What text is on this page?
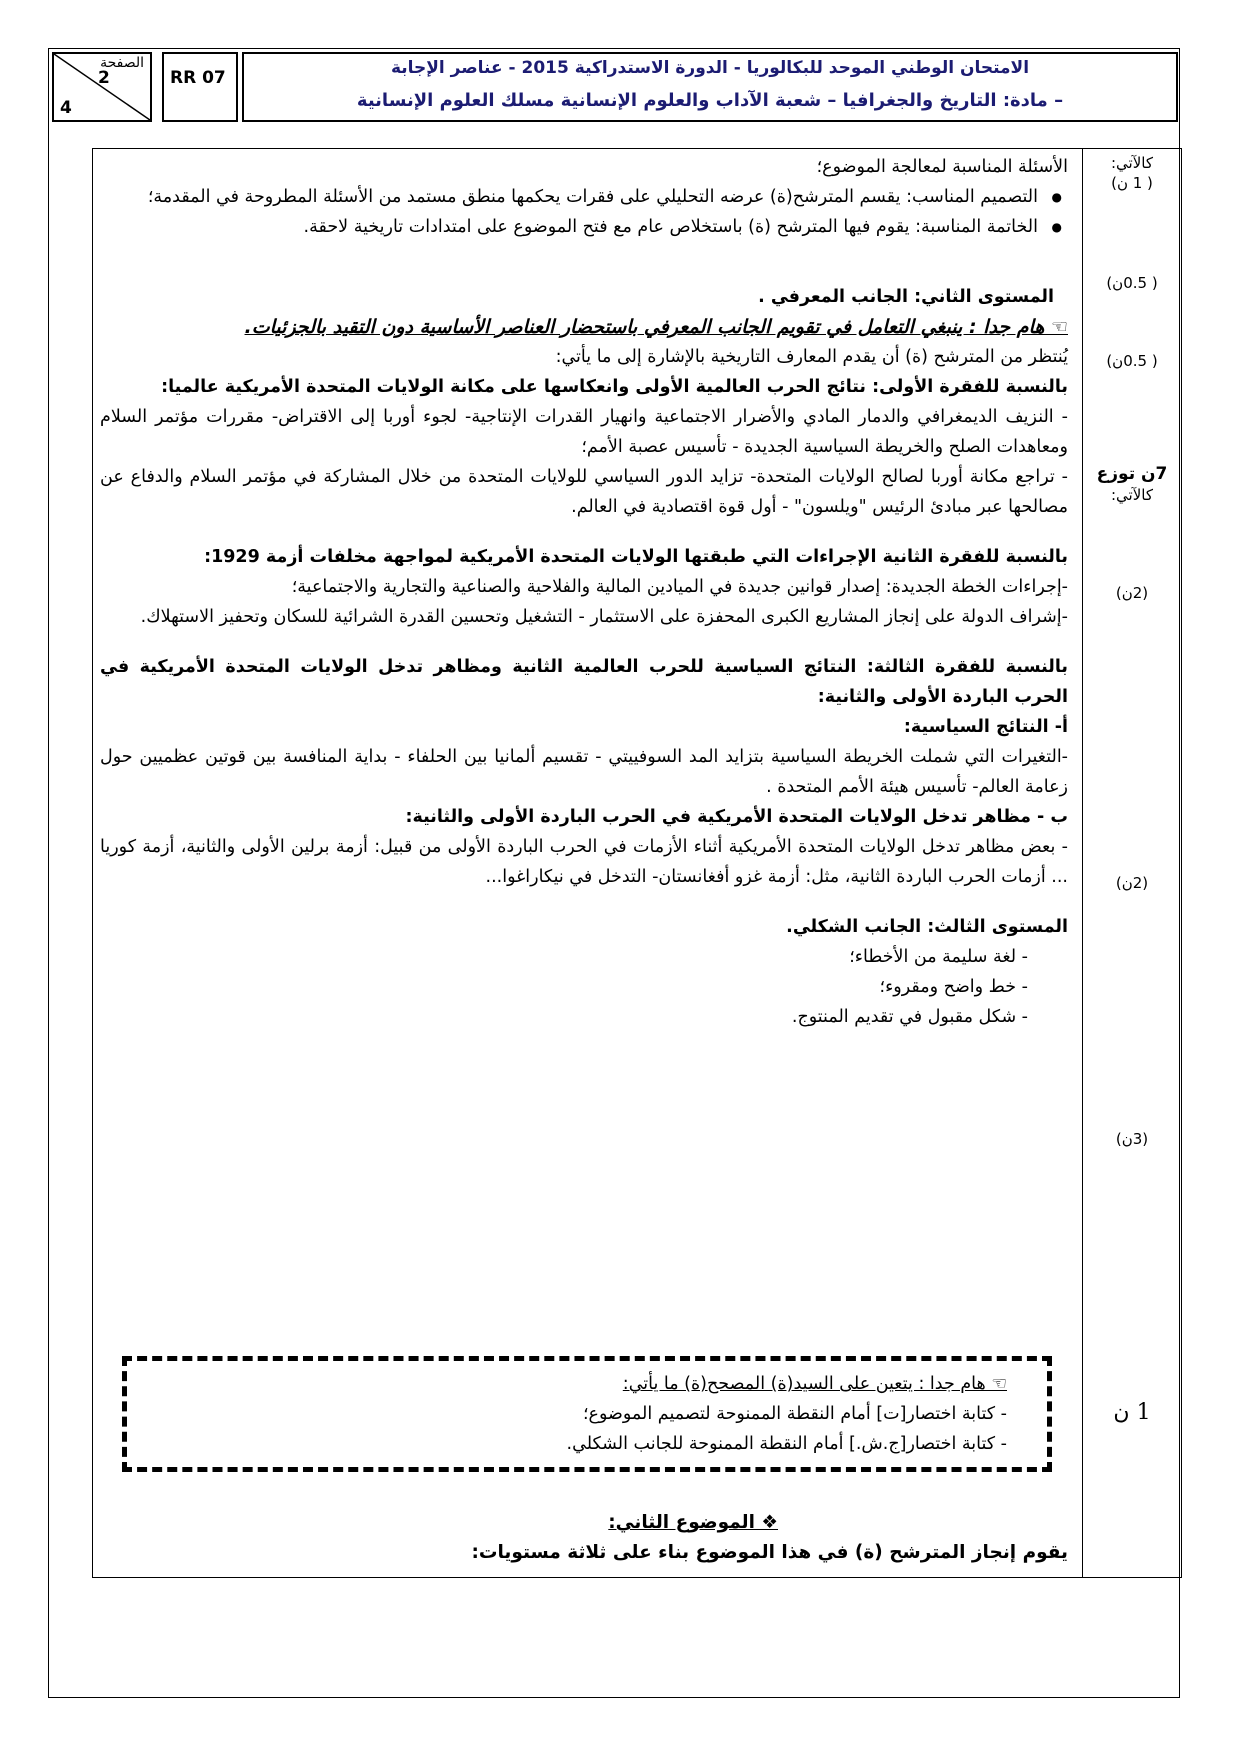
الصفحة
2
4
RR 07	الامتحان الوطني الموحد للبكالوريا - الدورة الاستدراكية 2015 - عناصر الإجابة
– مادة: التاريخ والجغرافيا – شعبة الآداب والعلوم الإنسانية مسلك العلوم الإنسانية
كالآتي:
( 1 ن)
( 0.5ن)
( 0.5ن)
7ن توزع
كالآتي:
(2ن)
(2ن)
(3ن)
1 ن

الأسئلة المناسبة لمعالجة الموضوع؛

● التصميم المناسب: يقسم المترشح(ة) عرضه التحليلي على فقرات يحكمها منطق مستمد من الأسئلة المطروحة في المقدمة؛

● الخاتمة المناسبة: يقوم فيها المترشح (ة) باستخلاص عام مع فتح الموضوع على امتدادات تاريخية لاحقة.

المستوى الثاني: الجانب المعرفي .

☜ هام جدا : ينبغي التعامل في تقويم الجانب المعرفي باستحضار العناصر الأساسية دون التقيد بالجزئيات.

يُنتظر من المترشح (ة) أن يقدم المعارف التاريخية بالإشارة إلى ما يأتي:

بالنسبة للفقرة الأولى: نتائج الحرب العالمية الأولى وانعكاسها على مكانة الولايات المتحدة الأمريكية عالميا:

- النزيف الديمغرافي والدمار المادي والأضرار الاجتماعية وانهيار القدرات الإنتاجية- لجوء أوربا إلى الاقتراض- مقررات مؤتمر السلام ومعاهدات الصلح والخريطة السياسية الجديدة - تأسيس عصبة الأمم؛

- تراجع مكانة أوربا لصالح الولايات المتحدة- تزايد الدور السياسي للولايات المتحدة من خلال المشاركة في مؤتمر السلام والدفاع عن مصالحها عبر مبادئ الرئيس "ويلسون" - أول قوة اقتصادية في العالم.

بالنسبة للفقرة الثانية الإجراءات التي طبقتها الولايات المتحدة الأمريكية لمواجهة مخلفات أزمة 1929:

-إجراءات الخطة الجديدة: إصدار قوانين جديدة في الميادين المالية والفلاحية والصناعية والتجارية والاجتماعية؛

-إشراف الدولة على إنجاز المشاريع الكبرى المحفزة على الاستثمار - التشغيل وتحسين القدرة الشرائية للسكان وتحفيز الاستهلاك.

بالنسبة للفقرة الثالثة: النتائج السياسية للحرب العالمية الثانية ومظاهر تدخل الولايات المتحدة الأمريكية في الحرب الباردة الأولى والثانية:

أ- النتائج السياسية:

-التغيرات التي شملت الخريطة السياسية بتزايد المد السوفييتي - تقسيم ألمانيا بين الحلفاء - بداية المنافسة بين قوتين عظميين حول زعامة العالم- تأسيس هيئة الأمم المتحدة .

ب - مظاهر تدخل الولايات المتحدة الأمريكية في الحرب الباردة الأولى والثانية:

- بعض مظاهر تدخل الولايات المتحدة الأمريكية أثناء الأزمات في الحرب الباردة الأولى من قبيل: أزمة برلين الأولى والثانية، أزمة كوريا ... أزمات الحرب الباردة الثانية، مثل: أزمة غزو أفغانستان- التدخل في نيكاراغوا...

المستوى الثالث: الجانب الشكلي.

- لغة سليمة من الأخطاء؛

- خط واضح ومقروء؛

- شكل مقبول في تقديم المنتوج.

☜ هام جدا : يتعين على السيد(ة) المصحح(ة) ما يأتي:

- كتابة اختصار[ت] أمام النقطة الممنوحة لتصميم الموضوع؛

- كتابة اختصار[ج.ش.] أمام النقطة الممنوحة للجانب الشكلي.

❖ الموضوع الثاني:

يقوم إنجاز المترشح (ة) في هذا الموضوع بناء على ثلاثة مستويات:
